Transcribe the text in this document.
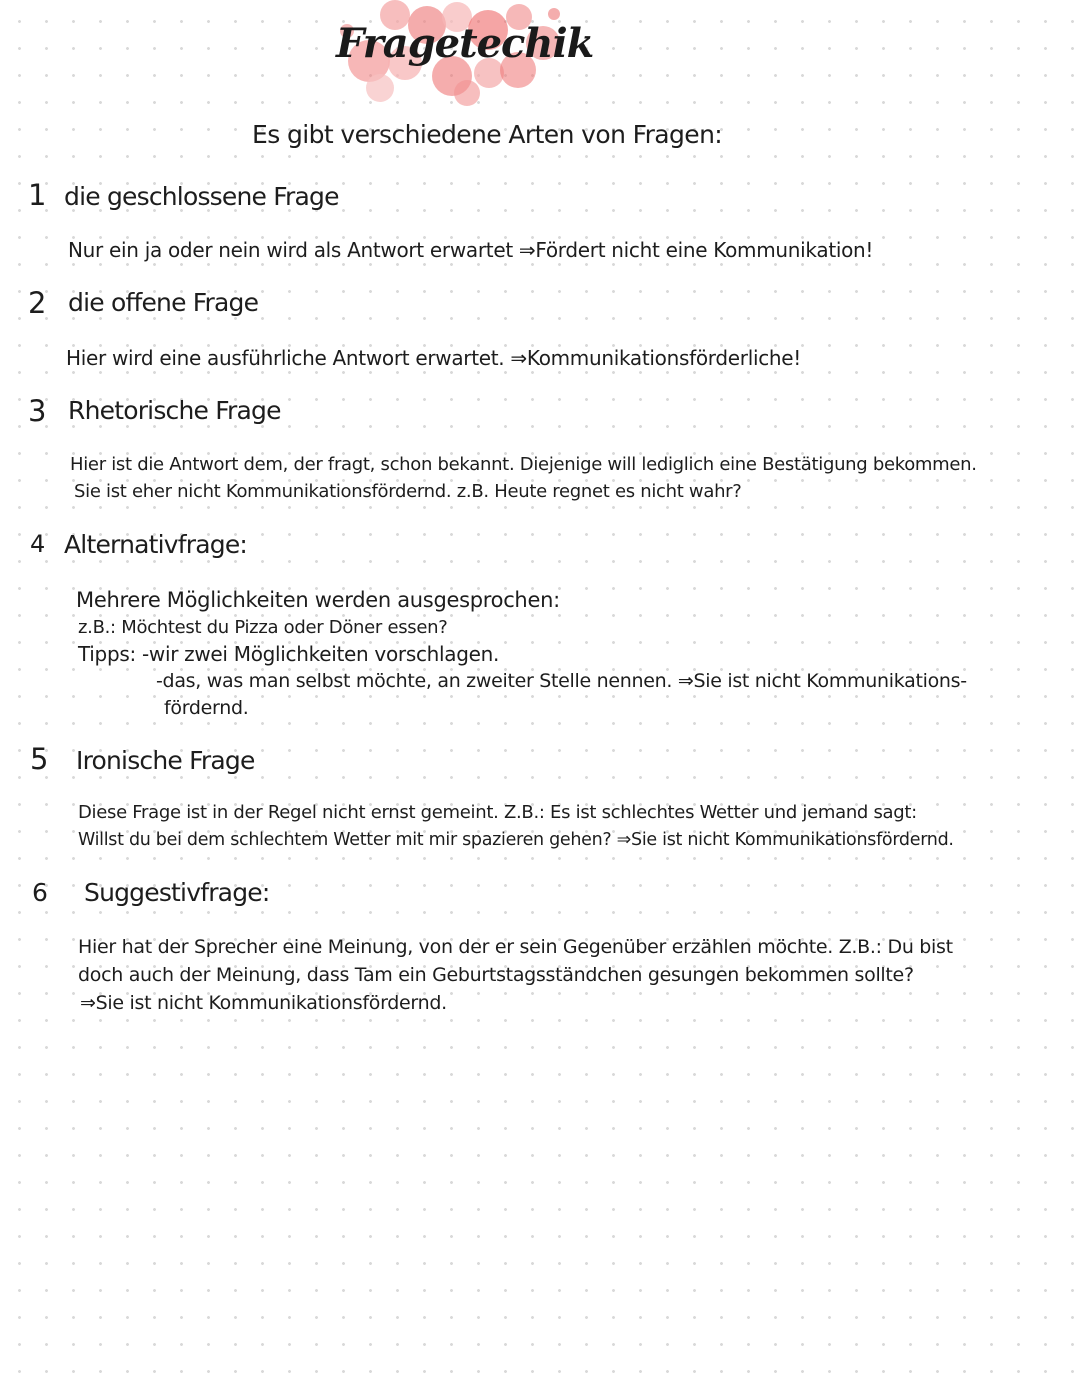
Fragetechik

Es gibt verschiedene Arten von Fragen:

1 die geschlossene Frage

Nur ein ja oder nein wird als Antwort erwartet ⇒Fördert nicht eine Kommunikation!

2 die offene Frage

Hier wird eine ausführliche Antwort erwartet. ⇒Kommunikationsförderliche!

3 Rhetorische Frage

Hier ist die Antwort dem, der fragt, schon bekannt. Diejenige will lediglich eine Bestätigung bekommen.

Sie ist eher nicht Kommunikationsfördernd. z.B. Heute regnet es nicht wahr?

4 Alternativfrage:

Mehrere Möglichkeiten werden ausgesprochen:

z.B.: Möchtest du Pizza oder Döner essen?

Tipps: -wir zwei Möglichkeiten vorschlagen.

-das, was man selbst möchte, an zweiter Stelle nennen. ⇒Sie ist nicht Kommunikations-

fördernd.

5 Ironische Frage

Diese Frage ist in der Regel nicht ernst gemeint. Z.B.: Es ist schlechtes Wetter und jemand sagt:

Willst du bei dem schlechtem Wetter mit mir spazieren gehen? ⇒Sie ist nicht Kommunikationsfördernd.

6 Suggestivfrage:

Hier hat der Sprecher eine Meinung, von der er sein Gegenüber erzählen möchte. Z.B.: Du bist

doch auch der Meinung, dass Tam ein Geburtstagsständchen gesungen bekommen sollte?

⇒Sie ist nicht Kommunikationsfördernd.
